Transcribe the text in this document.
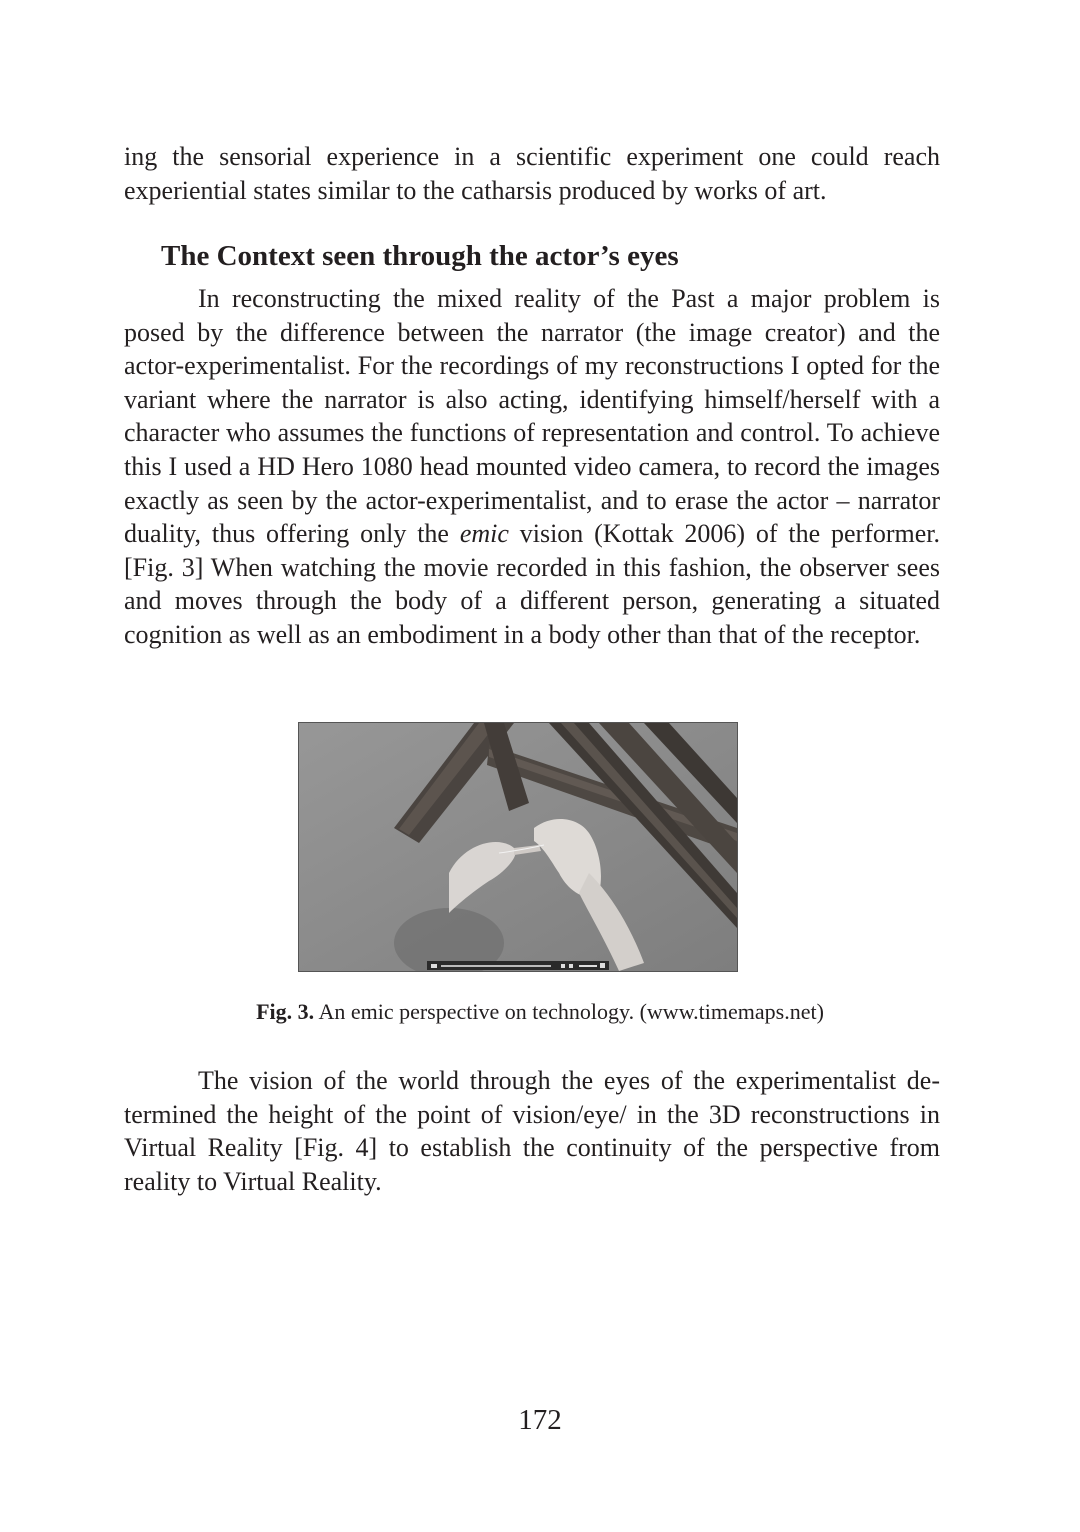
ing the sensorial experience in a scientific experiment one could reach experiential states similar to the catharsis produced by works of art.

The Context seen through the actor’s eyes

In reconstructing the mixed reality of the Past a major problem is posed by the difference between the narrator (the image creator) and the actor-experimentalist. For the recordings of my reconstructions I opted for the variant where the narrator is also acting, identifying himself/herself with a character who assumes the functions of representation and control. To achieve this I used a HD Hero 1080 head mounted video camera, to record the images exactly as seen by the actor-experimentalist, and to erase the actor – narrator duality, thus offering only the emic vision (Kottak 2006) of the performer. [Fig. 3] When watching the movie recorded in this fashion, the observer sees and moves through the body of a different person, generating a situated cognition as well as an embodiment in a body other than that of the receptor.

Fig. 3. An emic perspective on technology. (www.timemaps.net)

The vision of the world through the eyes of the experimentalist determined the height of the point of vision/eye/ in the 3D reconstructions in Virtual Reality [Fig. 4] to establish the continuity of the perspective from reality to Virtual Reality.

172
